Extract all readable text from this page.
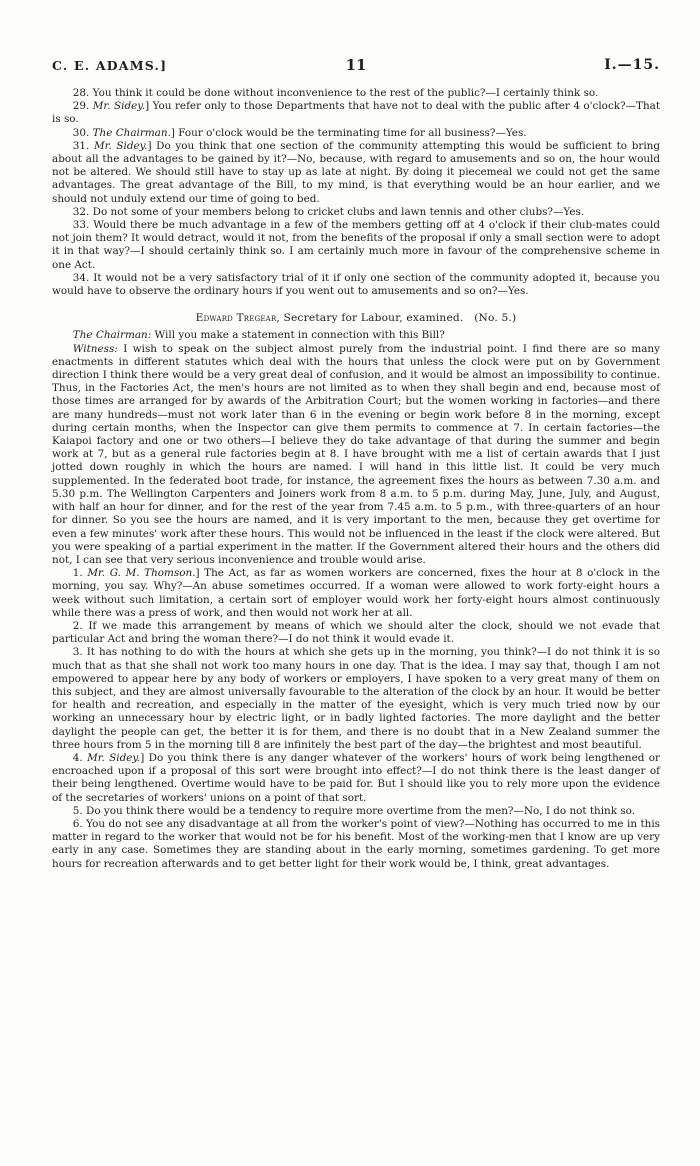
C. E. ADAMS.]	11	I.—15.

28. You think it could be done without inconvenience to the rest of the public?—I certainly think so.

29. Mr. Sidey.] You refer only to those Departments that have not to deal with the public after 4 o'clock?—That is so.

30. The Chairman.] Four o'clock would be the terminating time for all business?—Yes.

31. Mr. Sidey.] Do you think that one section of the community attempting this would be sufficient to bring about all the advantages to be gained by it?—No, because, with regard to amusements and so on, the hour would not be altered. We should still have to stay up as late at night. By doing it piecemeal we could not get the same advantages. The great advantage of the Bill, to my mind, is that everything would be an hour earlier, and we should not unduly extend our time of going to bed.

32. Do not some of your members belong to cricket clubs and lawn tennis and other clubs?—Yes.

33. Would there be much advantage in a few of the members getting off at 4 o'clock if their club-mates could not join them? It would detract, would it not, from the benefits of the proposal if only a small section were to adopt it in that way?—I should certainly think so. I am certainly much more in favour of the comprehensive scheme in one Act.

34. It would not be a very satisfactory trial of it if only one section of the community adopted it, because you would have to observe the ordinary hours if you went out to amusements and so on?—Yes.

Edward Tregear, Secretary for Labour, examined. (No. 5.)

The Chairman: Will you make a statement in connection with this Bill?

Witness: I wish to speak on the subject almost purely from the industrial point. I find there are so many enactments in different statutes which deal with the hours that unless the clock were put on by Government direction I think there would be a very great deal of confusion, and it would be almost an impossibility to continue. Thus, in the Factories Act, the men's hours are not limited as to when they shall begin and end, because most of those times are arranged for by awards of the Arbitration Court; but the women working in factories—and there are many hundreds—must not work later than 6 in the evening or begin work before 8 in the morning, except during certain months, when the Inspector can give them permits to commence at 7. In certain factories—the Kaiapoi factory and one or two others—I believe they do take advantage of that during the summer and begin work at 7, but as a general rule factories begin at 8. I have brought with me a list of certain awards that I just jotted down roughly in which the hours are named. I will hand in this little list. It could be very much supplemented. In the federated boot trade, for instance, the agreement fixes the hours as between 7.30 a.m. and 5.30 p.m. The Wellington Carpenters and Joiners work from 8 a.m. to 5 p.m. during May, June, July, and August, with half an hour for dinner, and for the rest of the year from 7.45 a.m. to 5 p.m., with three-quarters of an hour for dinner. So you see the hours are named, and it is very important to the men, because they get overtime for even a few minutes' work after these hours. This would not be influenced in the least if the clock were altered. But you were speaking of a partial experiment in the matter. If the Government altered their hours and the others did not, I can see that very serious inconvenience and trouble would arise.

1. Mr. G. M. Thomson.] The Act, as far as women workers are concerned, fixes the hour at 8 o'clock in the morning, you say. Why?—An abuse sometimes occurred. If a woman were allowed to work forty-eight hours a week without such limitation, a certain sort of employer would work her forty-eight hours almost continuously while there was a press of work, and then would not work her at all.

2. If we made this arrangement by means of which we should alter the clock, should we not evade that particular Act and bring the woman there?—I do not think it would evade it.

3. It has nothing to do with the hours at which she gets up in the morning, you think?—I do not think it is so much that as that she shall not work too many hours in one day. That is the idea. I may say that, though I am not empowered to appear here by any body of workers or employers, I have spoken to a very great many of them on this subject, and they are almost universally favourable to the alteration of the clock by an hour. It would be better for health and recreation, and especially in the matter of the eyesight, which is very much tried now by our working an unnecessary hour by electric light, or in badly lighted factories. The more daylight and the better daylight the people can get, the better it is for them, and there is no doubt that in a New Zealand summer the three hours from 5 in the morning till 8 are infinitely the best part of the day—the brightest and most beautiful.

4. Mr. Sidey.] Do you think there is any danger whatever of the workers' hours of work being lengthened or encroached upon if a proposal of this sort were brought into effect?—I do not think there is the least danger of their being lengthened. Overtime would have to be paid for. But I should like you to rely more upon the evidence of the secretaries of workers' unions on a point of that sort.

5. Do you think there would be a tendency to require more overtime from the men?—No, I do not think so.

6. You do not see any disadvantage at all from the worker's point of view?—Nothing has occurred to me in this matter in regard to the worker that would not be for his benefit. Most of the working-men that I know are up very early in any case. Sometimes they are standing about in the early morning, sometimes gardening. To get more hours for recreation afterwards and to get better light for their work would be, I think, great advantages.
